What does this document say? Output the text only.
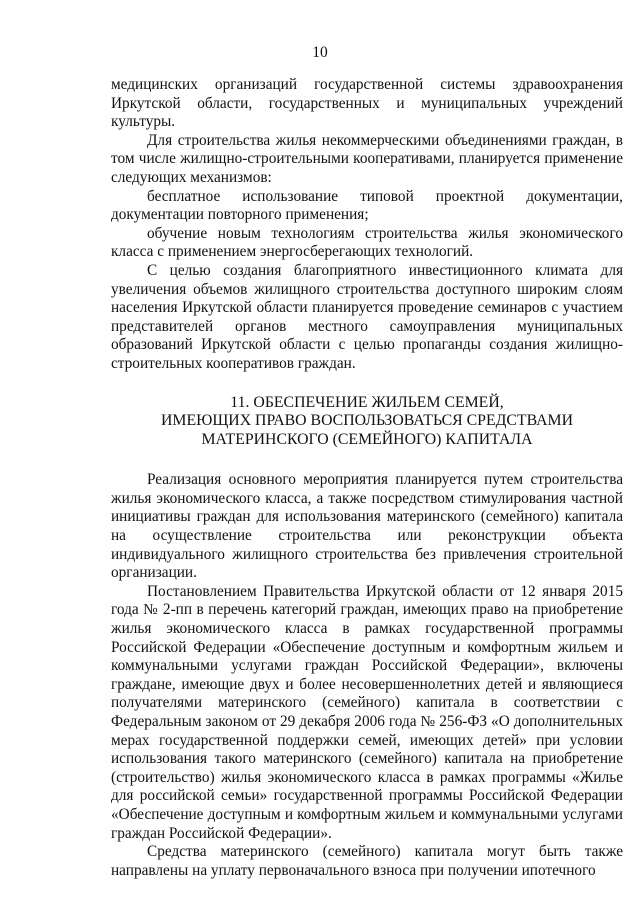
10

медицинских организаций государственной системы здравоохранения Иркутской области, государственных и муниципальных учреждений культуры.

Для строительства жилья некоммерческими объединениями граждан, в том числе жилищно-строительными кооперативами, планируется применение следующих механизмов:

бесплатное использование типовой проектной документации, документации повторного применения;

обучение новым технологиям строительства жилья экономического класса с применением энергосберегающих технологий.

С целью создания благоприятного инвестиционного климата для увеличения объемов жилищного строительства доступного широким слоям населения Иркутской области планируется проведение семинаров с участием представителей органов местного самоуправления муниципальных образований Иркутской области с целью пропаганды создания жилищно-строительных кооперативов граждан.

11. ОБЕСПЕЧЕНИЕ ЖИЛЬЕМ СЕМЕЙ,
ИМЕЮЩИХ ПРАВО ВОСПОЛЬЗОВАТЬСЯ СРЕДСТВАМИ
МАТЕРИНСКОГО (СЕМЕЙНОГО) КАПИТАЛА

Реализация основного мероприятия планируется путем строительства жилья экономического класса, а также посредством стимулирования частной инициативы граждан для использования материнского (семейного) капитала на осуществление строительства или реконструкции объекта индивидуального жилищного строительства без привлечения строительной организации.

Постановлением Правительства Иркутской области от 12 января 2015 года № 2-пп в перечень категорий граждан, имеющих право на приобретение жилья экономического класса в рамках государственной программы Российской Федерации «Обеспечение доступным и комфортным жильем и коммунальными услугами граждан Российской Федерации», включены граждане, имеющие двух и более несовершеннолетних детей и являющиеся получателями материнского (семейного) капитала в соответствии с Федеральным законом от 29 декабря 2006 года № 256-ФЗ «О дополнительных мерах государственной поддержки семей, имеющих детей» при условии использования такого материнского (семейного) капитала на приобретение (строительство) жилья экономического класса в рамках программы «Жилье для российской семьи» государственной программы Российской Федерации «Обеспечение доступным и комфортным жильем и коммунальными услугами граждан Российской Федерации».

Средства материнского (семейного) капитала могут быть также направлены на уплату первоначального взноса при получении ипотечного
